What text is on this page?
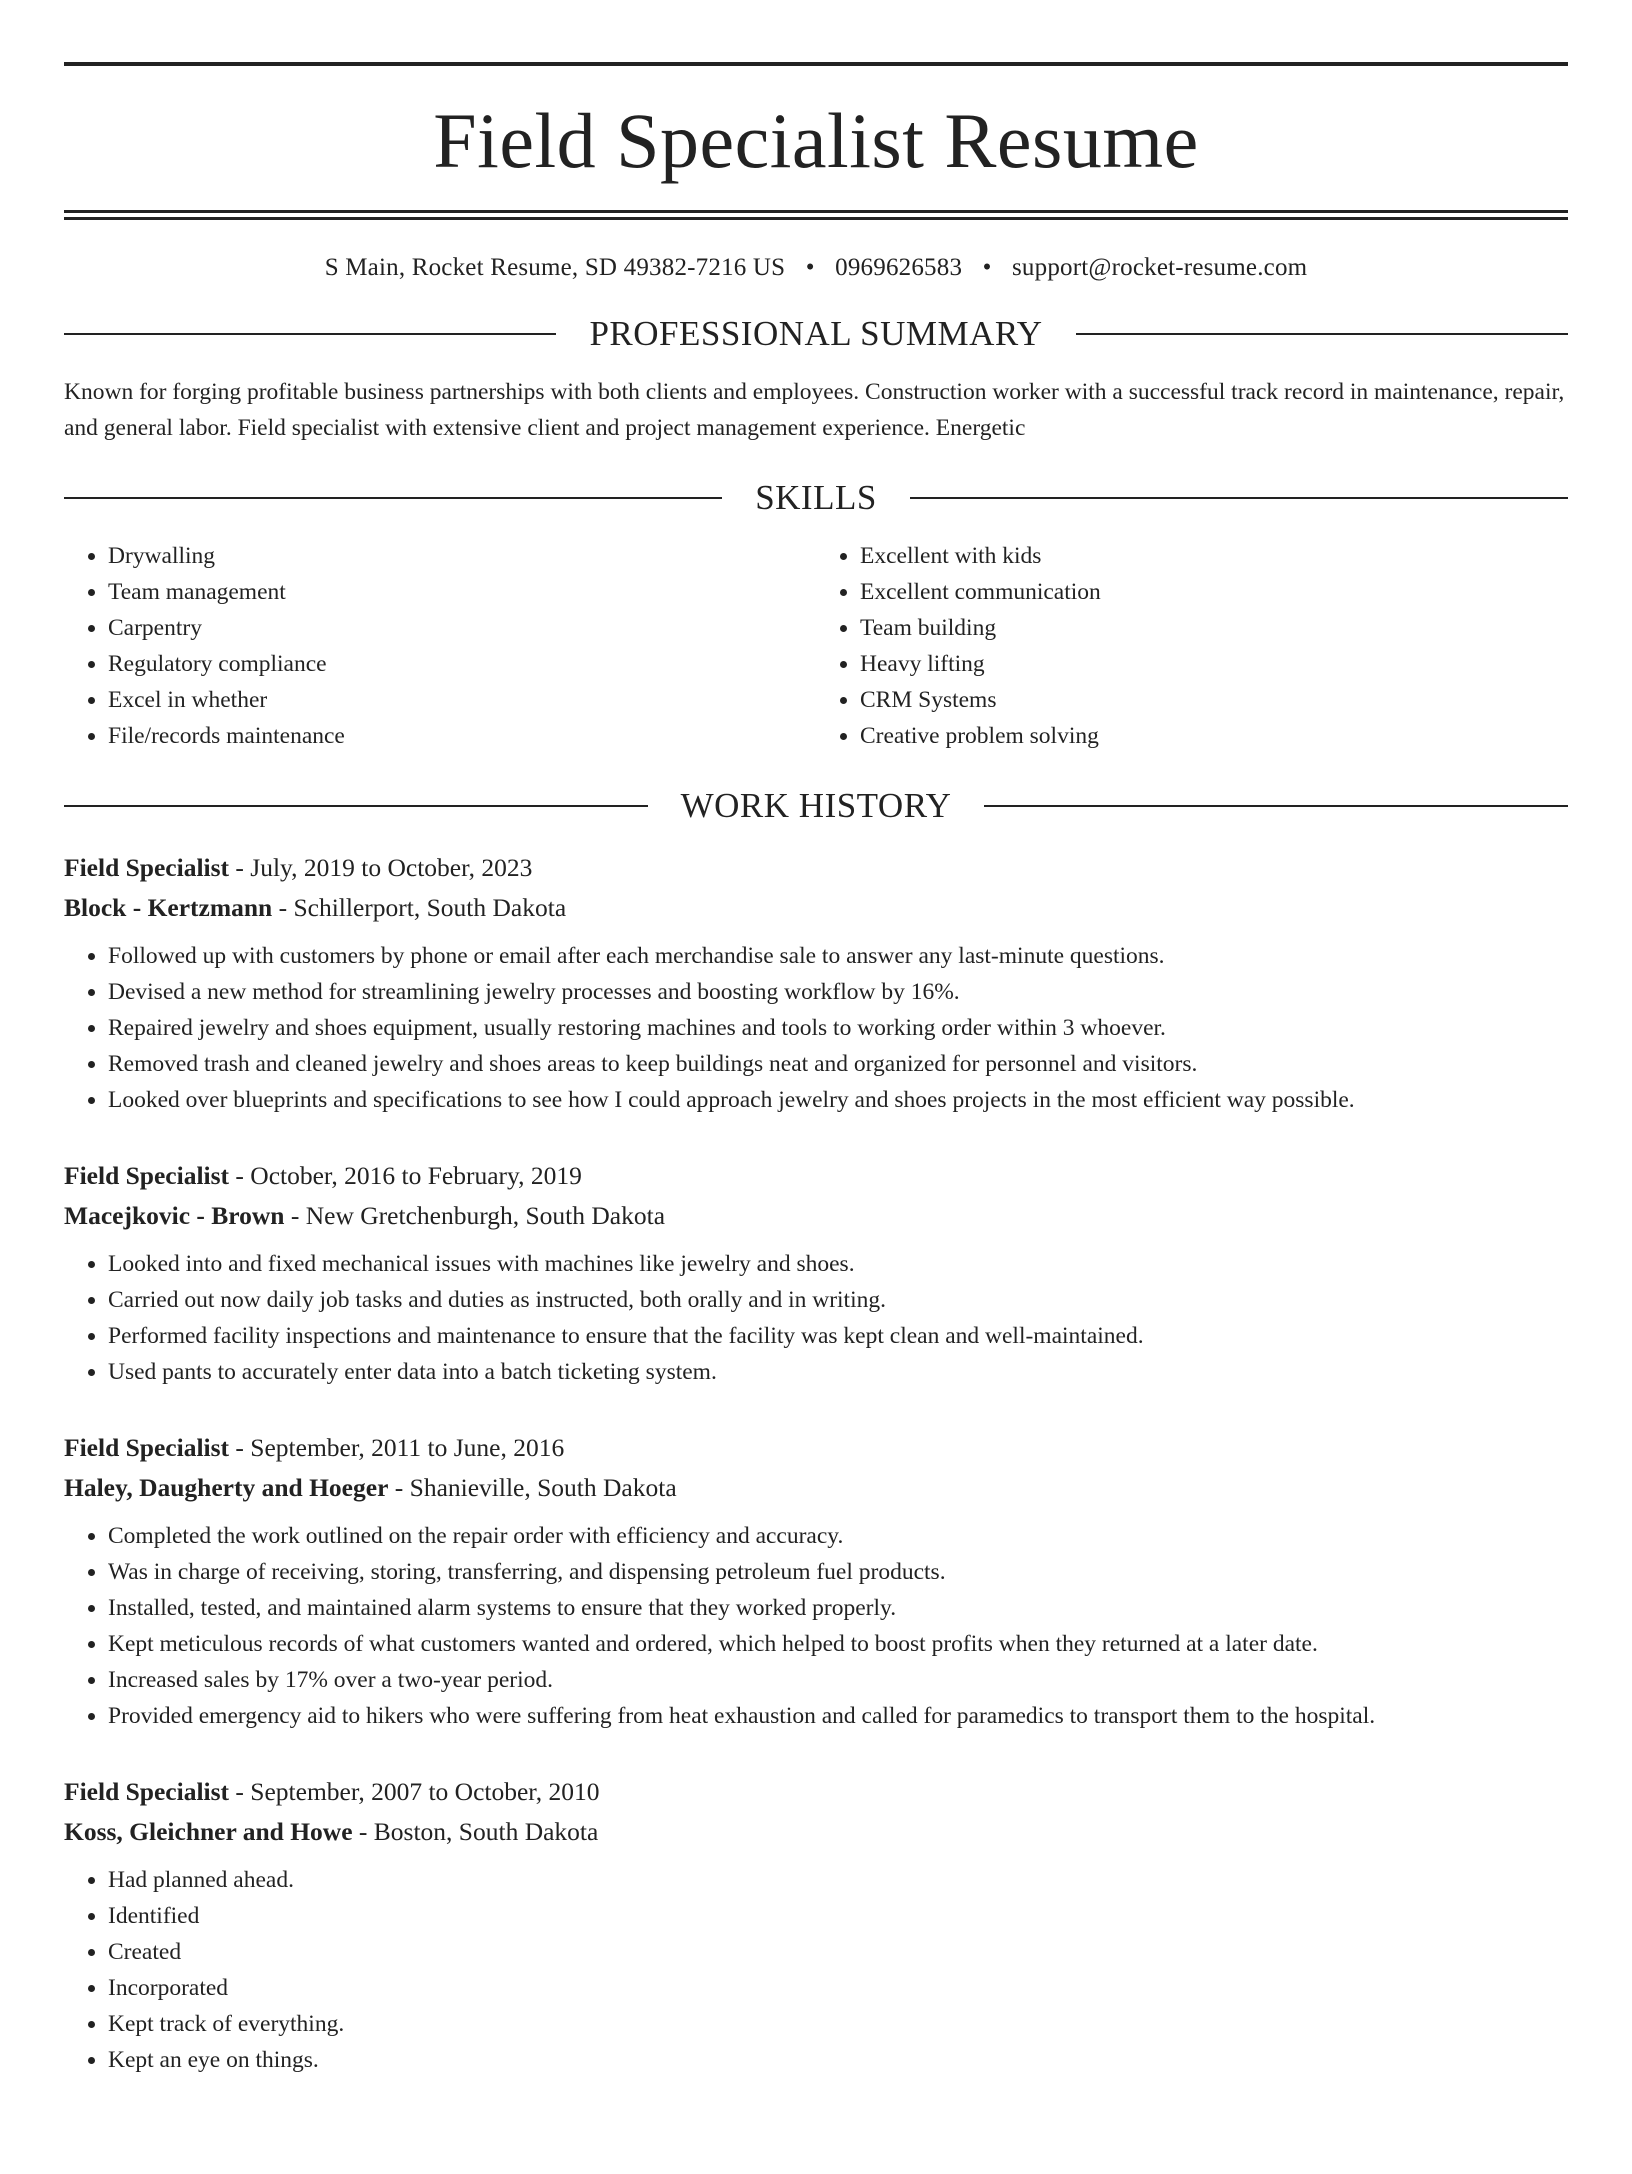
Field Specialist Resume
S Main, Rocket Resume, SD 49382-7216 US • 0969626583 • support@rocket-resume.com
PROFESSIONAL SUMMARY
Known for forging profitable business partnerships with both clients and employees. Construction worker with a successful track record in maintenance, repair, and general labor. Field specialist with extensive client and project management experience. Energetic
SKILLS
• Drywalling
• Team management
• Carpentry
• Regulatory compliance
• Excel in whether
• File/records maintenance
• Excellent with kids
• Excellent communication
• Team building
• Heavy lifting
• CRM Systems
• Creative problem solving
WORK HISTORY
Field Specialist - July, 2019 to October, 2023
Block - Kertzmann - Schillerport, South Dakota
• Followed up with customers by phone or email after each merchandise sale to answer any last-minute questions.
• Devised a new method for streamlining jewelry processes and boosting workflow by 16%.
• Repaired jewelry and shoes equipment, usually restoring machines and tools to working order within 3 whoever.
• Removed trash and cleaned jewelry and shoes areas to keep buildings neat and organized for personnel and visitors.
• Looked over blueprints and specifications to see how I could approach jewelry and shoes projects in the most efficient way possible.
Field Specialist - October, 2016 to February, 2019
Macejkovic - Brown - New Gretchenburgh, South Dakota
• Looked into and fixed mechanical issues with machines like jewelry and shoes.
• Carried out now daily job tasks and duties as instructed, both orally and in writing.
• Performed facility inspections and maintenance to ensure that the facility was kept clean and well-maintained.
• Used pants to accurately enter data into a batch ticketing system.
Field Specialist - September, 2011 to June, 2016
Haley, Daugherty and Hoeger - Shanieville, South Dakota
• Completed the work outlined on the repair order with efficiency and accuracy.
• Was in charge of receiving, storing, transferring, and dispensing petroleum fuel products.
• Installed, tested, and maintained alarm systems to ensure that they worked properly.
• Kept meticulous records of what customers wanted and ordered, which helped to boost profits when they returned at a later date.
• Increased sales by 17% over a two-year period.
• Provided emergency aid to hikers who were suffering from heat exhaustion and called for paramedics to transport them to the hospital.
Field Specialist - September, 2007 to October, 2010
Koss, Gleichner and Howe - Boston, South Dakota
• Had planned ahead.
• Identified
• Created
• Incorporated
• Kept track of everything.
• Kept an eye on things.
